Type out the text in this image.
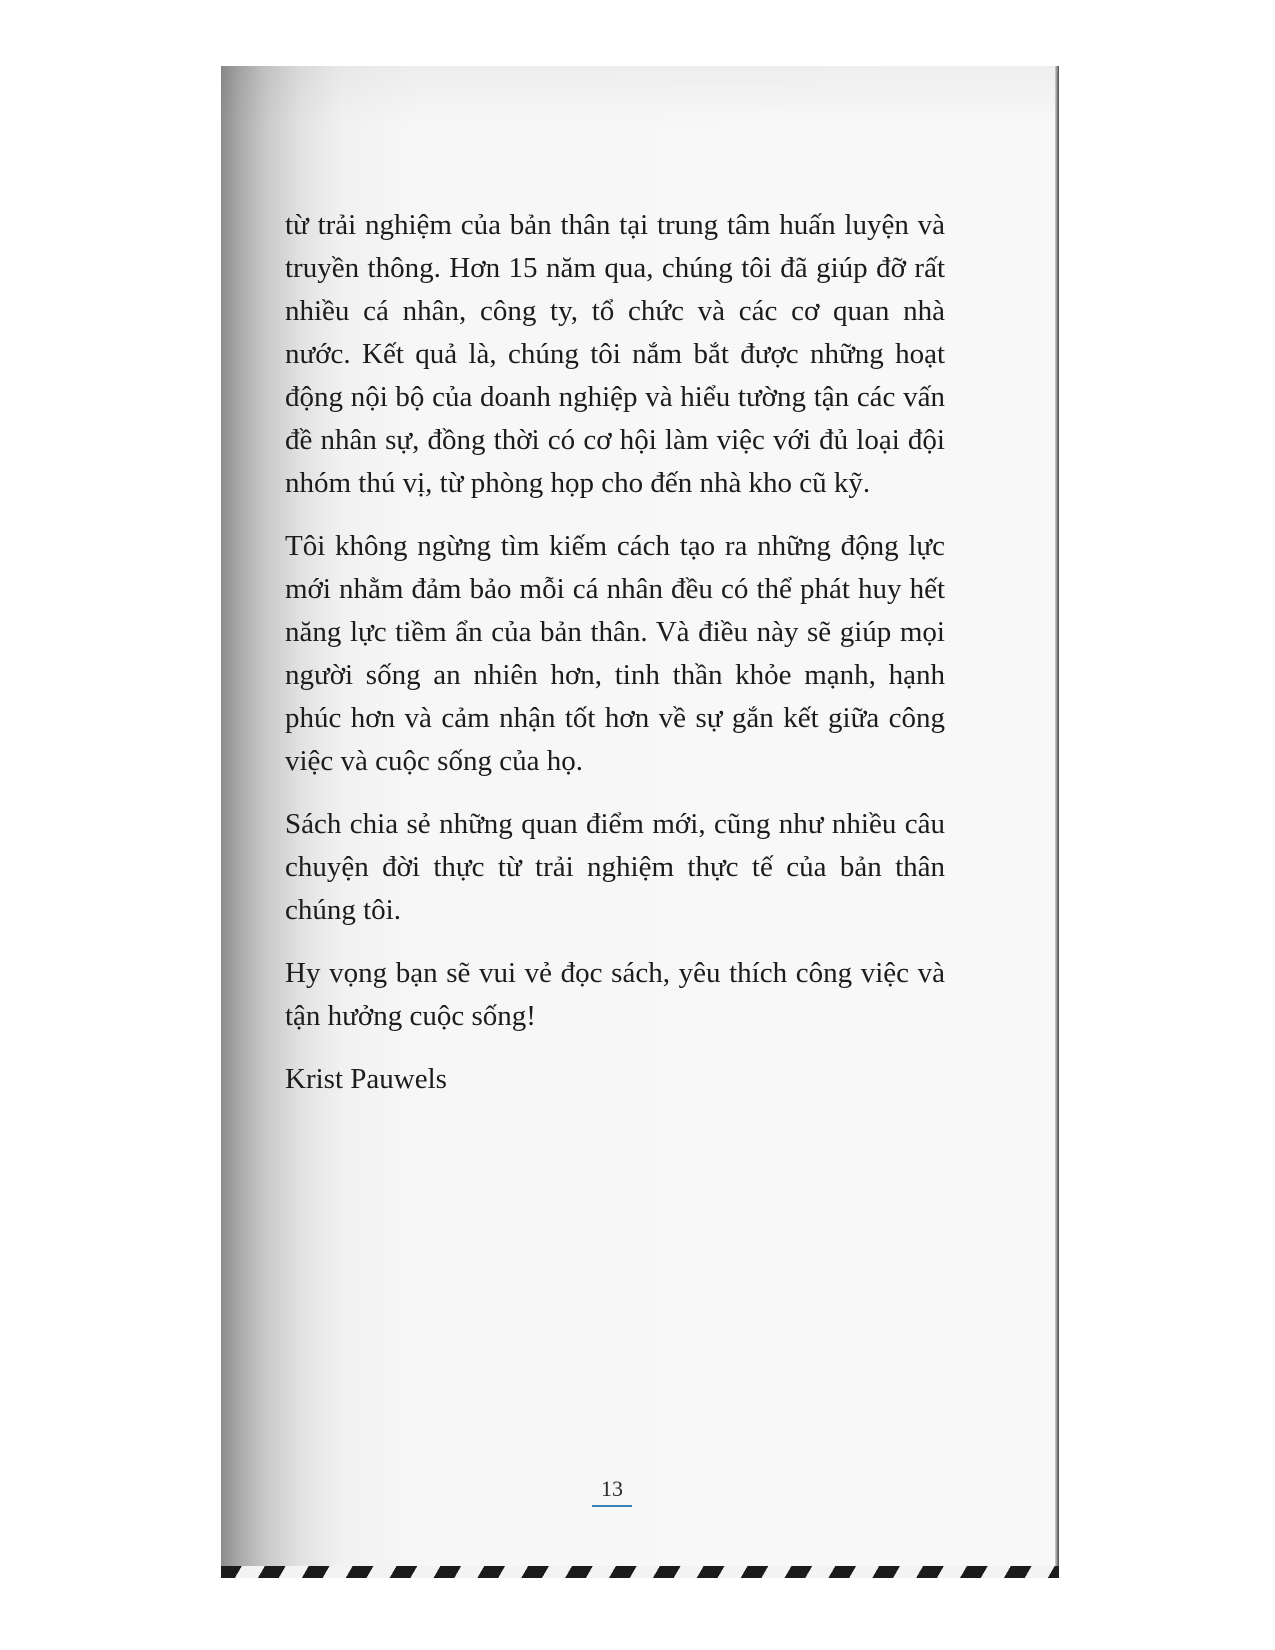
từ trải nghiệm của bản thân tại trung tâm huấn luyện và truyền thông. Hơn 15 năm qua, chúng tôi đã giúp đỡ rất nhiều cá nhân, công ty, tổ chức và các cơ quan nhà nước. Kết quả là, chúng tôi nắm bắt được những hoạt động nội bộ của doanh nghiệp và hiểu tường tận các vấn đề nhân sự, đồng thời có cơ hội làm việc với đủ loại đội nhóm thú vị, từ phòng họp cho đến nhà kho cũ kỹ.

Tôi không ngừng tìm kiếm cách tạo ra những động lực mới nhằm đảm bảo mỗi cá nhân đều có thể phát huy hết năng lực tiềm ẩn của bản thân. Và điều này sẽ giúp mọi người sống an nhiên hơn, tinh thần khỏe mạnh, hạnh phúc hơn và cảm nhận tốt hơn về sự gắn kết giữa công việc và cuộc sống của họ.

Sách chia sẻ những quan điểm mới, cũng như nhiều câu chuyện đời thực từ trải nghiệm thực tế của bản thân chúng tôi.

Hy vọng bạn sẽ vui vẻ đọc sách, yêu thích công việc và tận hưởng cuộc sống!

Krist Pauwels

13
